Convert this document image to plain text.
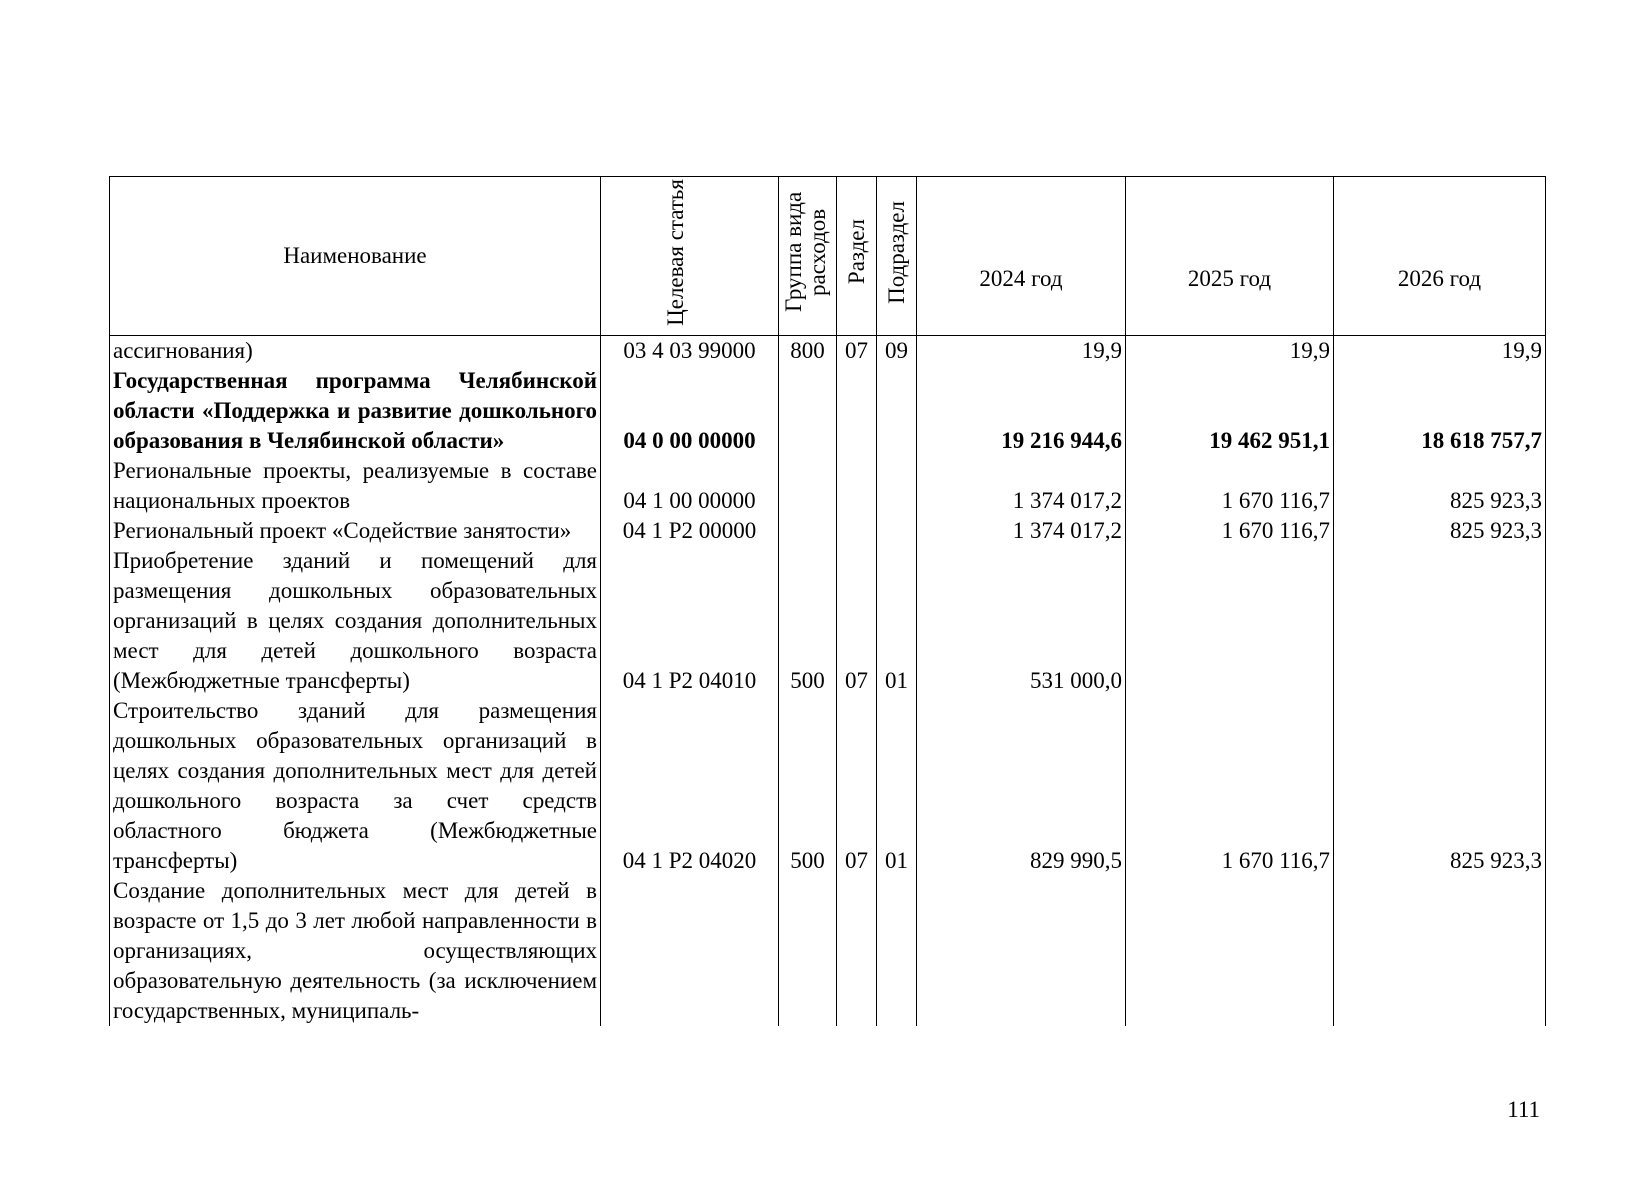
Наименование	Целевая статья	Группа вида расходов	Раздел	Подраздел	2024 год	2025 год	2026 год

ассигнования)	03 4 03 99000	800	07	09	19,9	19,9	19,9
Государственная программа Челябинской области «Поддержка и развитие дошкольного образования в Челябинской области»	04 0 00 00000				19 216 944,6	19 462 951,1	18 618 757,7
Региональные проекты, реализуемые в составе национальных проектов	04 1 00 00000				1 374 017,2	1 670 116,7	825 923,3
Региональный проект «Содействие занятости»	04 1 Р2 00000				1 374 017,2	1 670 116,7	825 923,3
Приобретение зданий и помещений для размещения дошкольных образовательных организаций в целях создания дополнительных мест для детей дошкольного возраста (Межбюджетные трансферты)	04 1 Р2 04010	500	07	01	531 000,0		
Строительство зданий для размещения дошкольных образовательных организаций в целях создания дополнительных мест для детей дошкольного возраста за счет средств областного бюджета (Межбюджетные трансферты)	04 1 Р2 04020	500	07	01	829 990,5	1 670 116,7	825 923,3
Создание дополнительных мест для детей в возрасте от 1,5 до 3 лет любой направленности в организациях, осуществляющих образовательную деятельность (за исключением государственных, муниципаль-							
111
